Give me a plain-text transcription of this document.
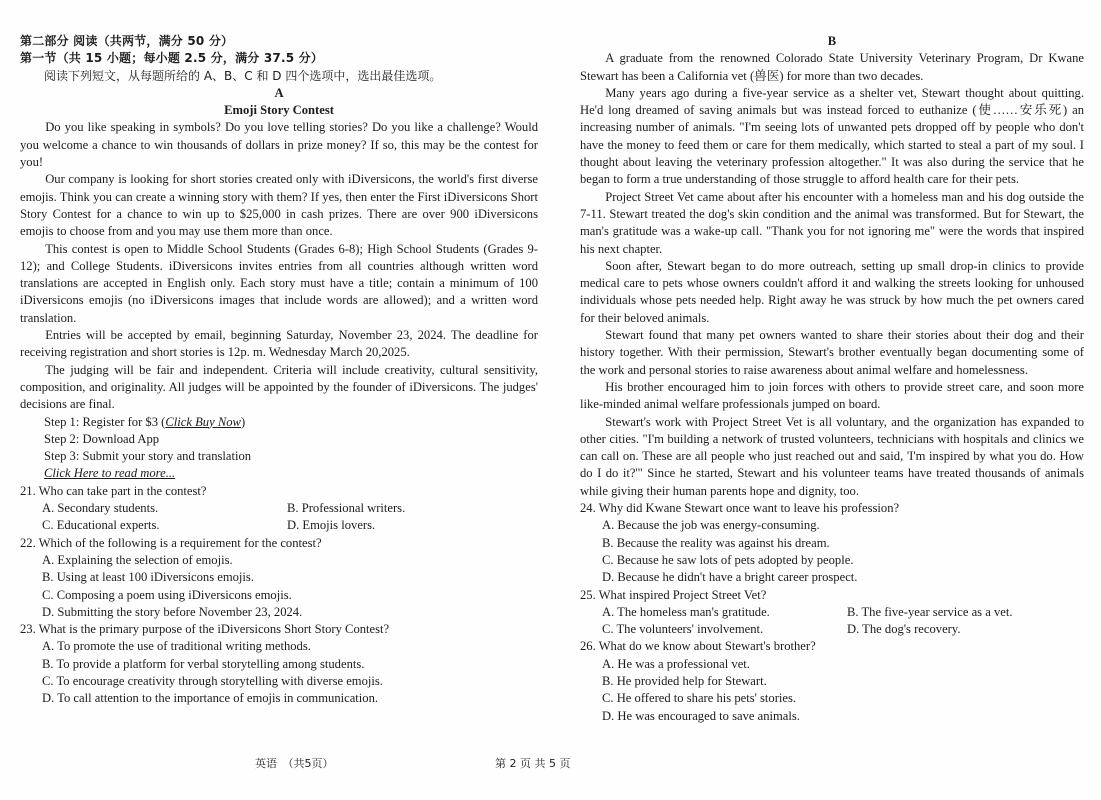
第二部分 阅读（共两节，满分 50 分）

第一节（共 15 小题；每小题 2.5 分，满分 37.5 分）

阅读下列短文，从每题所给的 A、B、C 和 D 四个选项中，选出最佳选项。

A

Emoji Story Contest

Do you like speaking in symbols? Do you love telling stories? Do you like a challenge? Would you welcome a chance to win thousands of dollars in prize money? If so, this may be the contest for you!

Our company is looking for short stories created only with iDiversicons, the world's first diverse emojis. Think you can create a winning story with them? If yes, then enter the First iDiversicons Short Story Contest for a chance to win up to $25,000 in cash prizes. There are over 900 iDiversicons emojis to choose from and you may use them more than once.

This contest is open to Middle School Students (Grades 6-8); High School Students (Grades 9-12); and College Students. iDiversicons invites entries from all countries although written word translations are accepted in English only. Each story must have a title; contain a minimum of 100 iDiversicons emojis (no iDiversicons images that include words are allowed); and a written word translation.

Entries will be accepted by email, beginning Saturday, November 23, 2024. The deadline for receiving registration and short stories is 12p. m. Wednesday March 20,2025.

The judging will be fair and independent. Criteria will include creativity, cultural sensitivity, composition, and originality. All judges will be appointed by the founder of iDiversicons. The judges' decisions are final.

Step 1: Register for $3 (Click Buy Now)

Step 2: Download App

Step 3: Submit your story and translation

Click Here to read more...

21. Who can take part in the contest?

A. Secondary students.	B. Professional writers.
C. Educational experts.	D. Emojis lovers.

22. Which of the following is a requirement for the contest?

A. Explaining the selection of emojis.

B. Using at least 100 iDiversicons emojis.

C. Composing a poem using iDiversicons emojis.

D. Submitting the story before November 23, 2024.

23. What is the primary purpose of the iDiversicons Short Story Contest?

A. To promote the use of traditional writing methods.

B. To provide a platform for verbal storytelling among students.

C. To encourage creativity through storytelling with diverse emojis.

D. To call attention to the importance of emojis in communication.

B

A graduate from the renowned Colorado State University Veterinary Program, Dr Kwane Stewart has been a California vet (兽医) for more than two decades.

Many years ago during a five-year service as a shelter vet, Stewart thought about quitting. He'd long dreamed of saving animals but was instead forced to euthanize (使……安乐死) an increasing number of animals. "I'm seeing lots of unwanted pets dropped off by people who don't have the money to feed them or care for them medically, which started to steal a part of my soul. I thought about leaving the veterinary profession altogether." It was also during the service that he began to form a true understanding of those struggle to afford health care for their pets.

Project Street Vet came about after his encounter with a homeless man and his dog outside the 7-11. Stewart treated the dog's skin condition and the animal was transformed. But for Stewart, the man's gratitude was a wake-up call. "Thank you for not ignoring me" were the words that inspired his next chapter.

Soon after, Stewart began to do more outreach, setting up small drop-in clinics to provide medical care to pets whose owners couldn't afford it and walking the streets looking for unhoused individuals whose pets needed help. Right away he was struck by how much the pet owners cared for their beloved animals.

Stewart found that many pet owners wanted to share their stories about their dog and their history together. With their permission, Stewart's brother eventually began documenting some of the work and personal stories to raise awareness about animal welfare and homelessness.

His brother encouraged him to join forces with others to provide street care, and soon more like-minded animal welfare professionals jumped on board.

Stewart's work with Project Street Vet is all voluntary, and the organization has expanded to other cities. "I'm building a network of trusted volunteers, technicians with hospitals and clinics we can call on. These are all people who just reached out and said, 'I'm inspired by what you do. How do I do it?'" Since he started, Stewart and his volunteer teams have treated thousands of animals while giving their human parents hope and dignity, too.

24. Why did Kwane Stewart once want to leave his profession?

A. Because the job was energy-consuming.

B. Because the reality was against his dream.

C. Because he saw lots of pets adopted by people.

D. Because he didn't have a bright career prospect.

25. What inspired Project Street Vet?

A. The homeless man's gratitude.	B. The five-year service as a vet.
C. The volunteers' involvement.	D. The dog's recovery.

26. What do we know about Stewart's brother?

A. He was a professional vet.

B. He provided help for Stewart.

C. He offered to share his pets' stories.

D. He was encouraged to save animals.

英语　（共5页）	第 2 页 共 5 页
